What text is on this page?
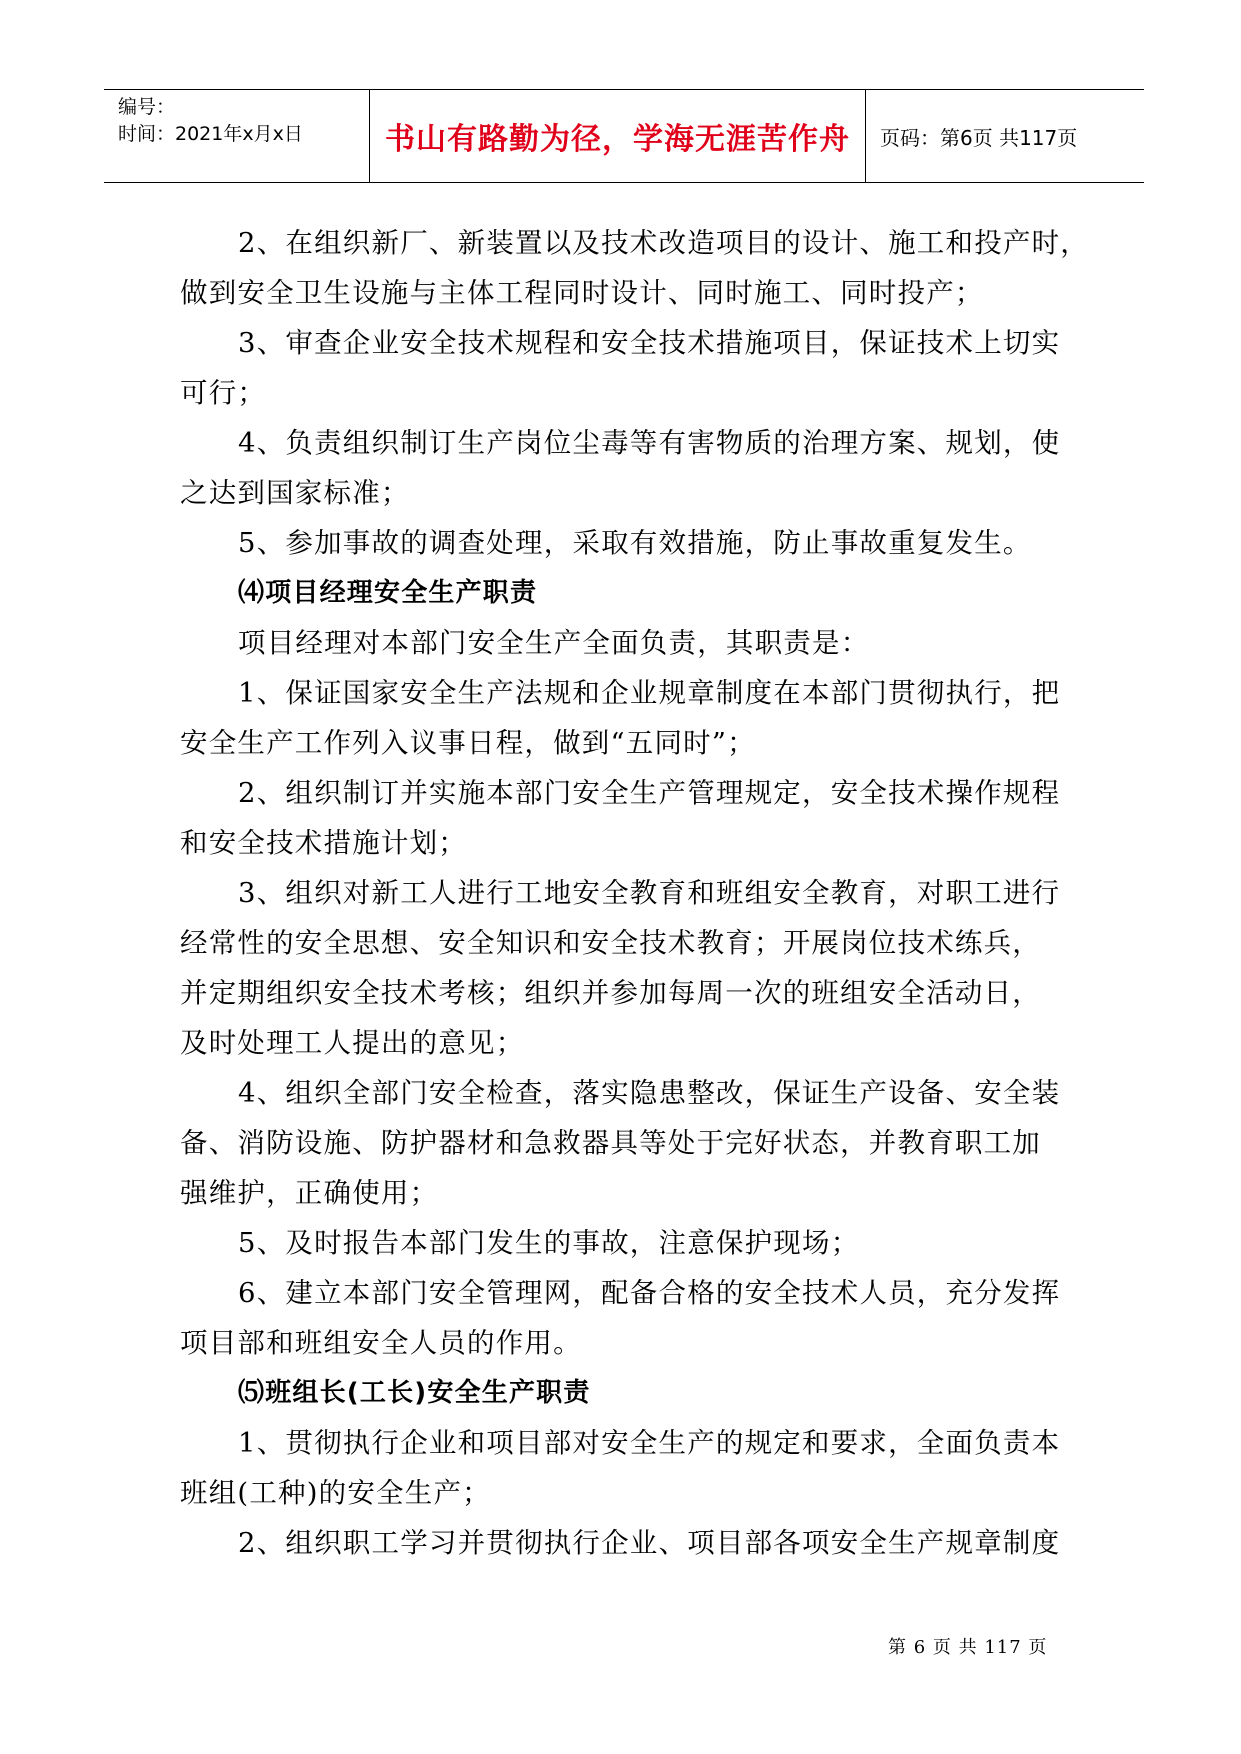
编号：
时间：2021年x月x日	书山有路勤为径，学海无涯苦作舟	页码：第6页 共117页
2、在组织新厂、新装置以及技术改造项目的设计、施工和投产时，
做到安全卫生设施与主体工程同时设计、同时施工、同时投产；
3、审查企业安全技术规程和安全技术措施项目，保证技术上切实
可行；
4、负责组织制订生产岗位尘毒等有害物质的治理方案、规划，使
之达到国家标准；
5、参加事故的调查处理，采取有效措施，防止事故重复发生。
⑷项目经理安全生产职责
项目经理对本部门安全生产全面负责，其职责是：
1、保证国家安全生产法规和企业规章制度在本部门贯彻执行，把
安全生产工作列入议事日程，做到“五同时”；
2、组织制订并实施本部门安全生产管理规定，安全技术操作规程
和安全技术措施计划；
3、组织对新工人进行工地安全教育和班组安全教育，对职工进行
经常性的安全思想、安全知识和安全技术教育；开展岗位技术练兵，
并定期组织安全技术考核；组织并参加每周一次的班组安全活动日，
及时处理工人提出的意见；
4、组织全部门安全检查，落实隐患整改，保证生产设备、安全装
备、消防设施、防护器材和急救器具等处于完好状态，并教育职工加
强维护，正确使用；
5、及时报告本部门发生的事故，注意保护现场；
6、建立本部门安全管理网，配备合格的安全技术人员，充分发挥
项目部和班组安全人员的作用。
⑸班组长(工长)安全生产职责
1、贯彻执行企业和项目部对安全生产的规定和要求，全面负责本
班组(工种)的安全生产；
2、组织职工学习并贯彻执行企业、项目部各项安全生产规章制度
第 6 页 共 117 页
